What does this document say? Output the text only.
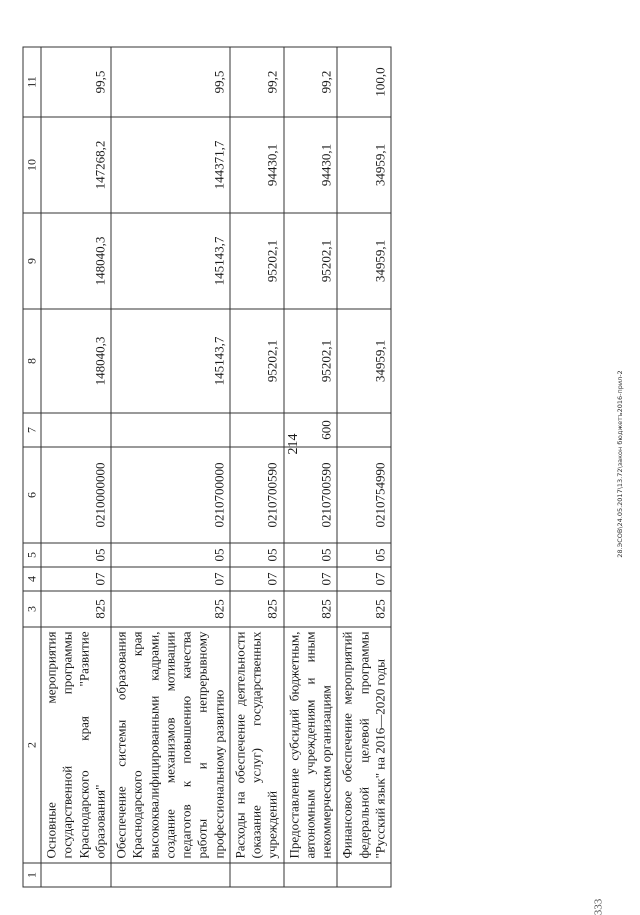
214	28.ЭСОВ\24.05.2017\13.72\закон бюджетъ2016-прил-2
333
1	2	3	4	5	6	7	8	9	10	11
	Основные мероприятия государственной программы Краснодарского края "Развитие образования"	825	07	05	0210000000		148040,3	148040,3	147268,2	99,5
	Обеспечение системы образования Краснодарского края высококвалифицированными кадрами, создание механизмов мотивации педагогов к повышению качества работы и непрерывному профессиональному развитию	825	07	05	0210700000		145143,7	145143,7	144371,7	99,5
	Расходы на обеспечение деятельности (оказание услуг) государственных учреждений	825	07	05	0210700590		95202,1	95202,1	94430,1	99,2
	Предоставление субсидий бюджетным, автономным учреждениям и иным некоммерческим организациям	825	07	05	0210700590	600	95202,1	95202,1	94430,1	99,2
	Финансовое обеспечение мероприятий федеральной целевой программы "Русский язык" на 2016—2020 годы	825	07	05	0210754990		34959,1	34959,1	34959,1	100,0
